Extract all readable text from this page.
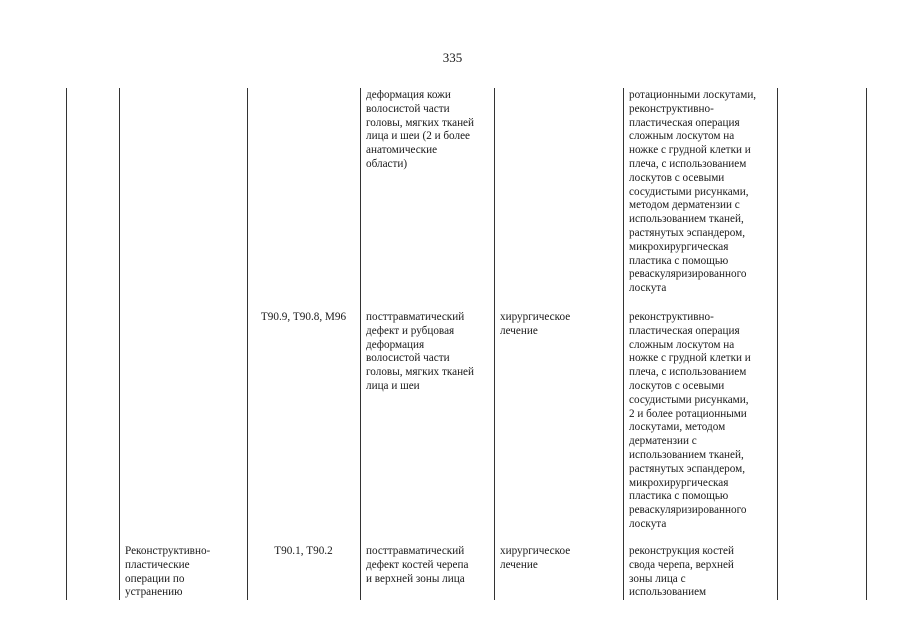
335
деформация кожи
волосистой части
головы, мягких тканей
лица и шеи (2 и более
анатомические
области)
ротационными лоскутами,
реконструктивно-
пластическая операция
сложным лоскутом на
ножке с грудной клетки и
плеча, с использованием
лоскутов с осевыми
сосудистыми рисунками,
методом дерматензии с
использованием тканей,
растянутых эспандером,
микрохирургическая
пластика с помощью
реваскуляризированного
лоскута
Т90.9, Т90.8, М96	посттравматический
дефект и рубцовая
деформация
волосистой части
головы, мягких тканей
лица и шеи
хирургическое
лечение
реконструктивно-
пластическая операция
сложным лоскутом на
ножке с грудной клетки и
плеча, с использованием
лоскутов с осевыми
сосудистыми рисунками,
2 и более ротационными
лоскутами, методом
дерматензии с
использованием тканей,
растянутых эспандером,
микрохирургическая
пластика с помощью
реваскуляризированного
лоскута
Реконструктивно-
пластические
операции по
устранению
Т90.1, Т90.2	посттравматический
дефект костей черепа
и верхней зоны лица
хирургическое
лечение
реконструкция костей
свода черепа, верхней
зоны лица с
использованием
